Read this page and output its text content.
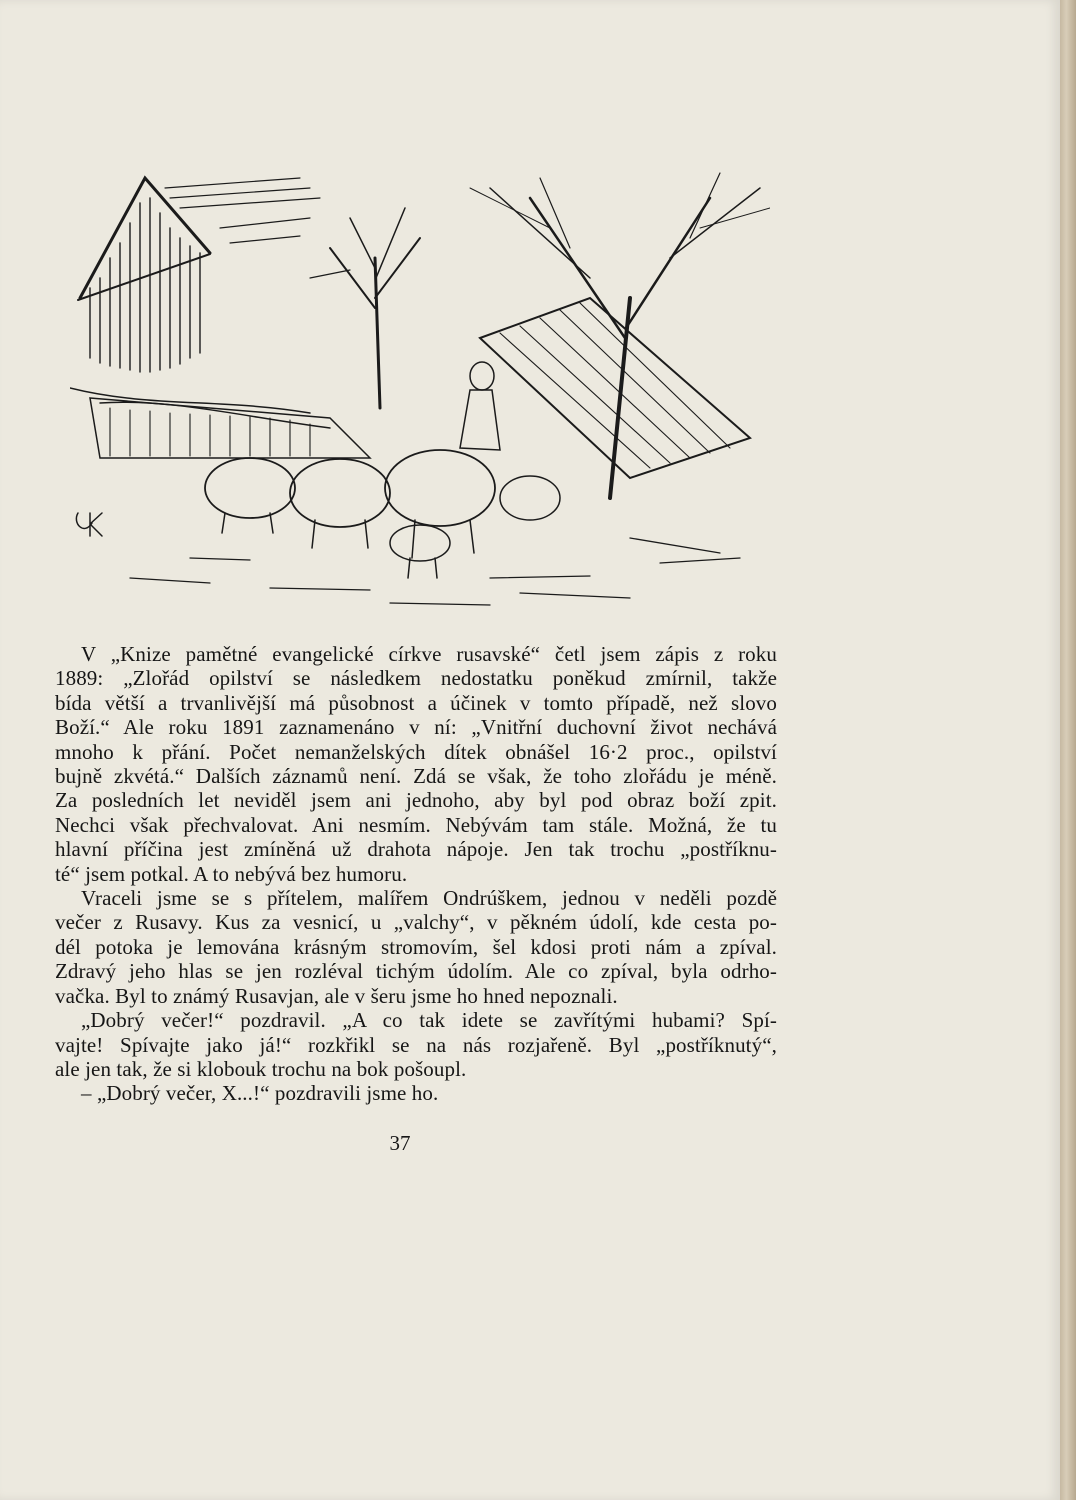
V „Knize pamětné evangelické církve rusavské“ četl jsem zápis z roku
1889: „Zlořád opilství se následkem nedostatku poněkud zmírnil, takže
bída větší a trvanlivější má působnost a účinek v tomto případě, než slovo
Boží.“ Ale roku 1891 zaznamenáno v ní: „Vnitřní duchovní život nechává
mnoho k přání. Počet nemanželských dítek obnášel 16·2 proc., opilství
bujně zkvétá.“ Dalších záznamů není. Zdá se však, že toho zlořádu je méně.
Za posledních let neviděl jsem ani jednoho, aby byl pod obraz boží zpit.
Nechci však přechvalovat. Ani nesmím. Nebývám tam stále. Možná, že tu
hlavní příčina jest zmíněná už drahota nápoje. Jen tak trochu „postříknu-
té“ jsem potkal. A to nebývá bez humoru.
Vraceli jsme se s přítelem, malířem Ondrúškem, jednou v neděli pozdě
večer z Rusavy. Kus za vesnicí, u „valchy“, v pěkném údolí, kde cesta po-
dél potoka je lemována krásným stromovím, šel kdosi proti nám a zpíval.
Zdravý jeho hlas se jen rozléval tichým údolím. Ale co zpíval, byla odrho-
vačka. Byl to známý Rusavjan, ale v šeru jsme ho hned nepoznali.
„Dobrý večer!“ pozdravil. „A co tak idete se zavřítými hubami? Spí-
vajte! Spívajte jako já!“ rozkřikl se na nás rozjařeně. Byl „postříknutý“,
ale jen tak, že si klobouk trochu na bok pošoupl.
– „Dobrý večer, X...!“ pozdravili jsme ho.
37
